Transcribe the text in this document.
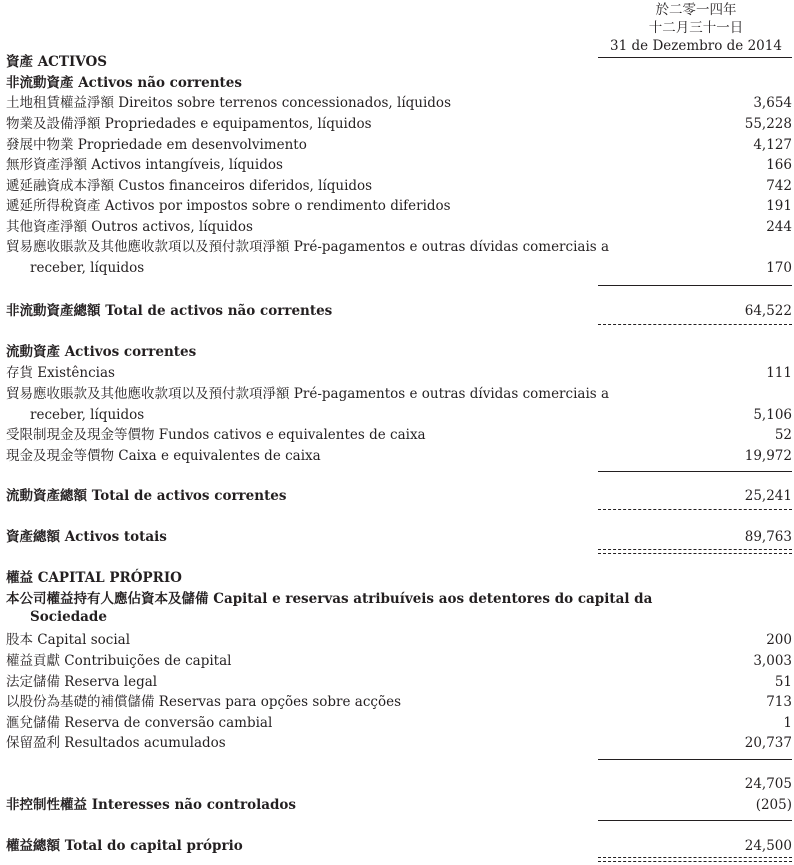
於二零一四年
十二月三十一日
31 de Dezembro de 2014
資產 ACTIVOS
非流動資產 Activos não correntes
土地租賃權益淨額 Direitos sobre terrenos concessionados, líquidos	3,654
物業及設備淨額 Propriedades e equipamentos, líquidos	55,228
發展中物業 Propriedade em desenvolvimento	4,127
無形資產淨額 Activos intangíveis, líquidos	166
遞延融資成本淨額 Custos financeiros diferidos, líquidos	742
遞延所得稅資產 Activos por impostos sobre o rendimento diferidos	191
其他資產淨額 Outros activos, líquidos	244
貿易應收賬款及其他應收款項以及預付款項淨額 Pré-pagamentos e outras dívidas comerciais a
receber, líquidos	170
非流動資產總額 Total de activos não correntes	64,522
流動資產 Activos correntes
存貨 Existências	111
貿易應收賬款及其他應收款項以及預付款項淨額 Pré-pagamentos e outras dívidas comerciais a
receber, líquidos	5,106
受限制現金及現金等價物 Fundos cativos e equivalentes de caixa	52
現金及現金等價物 Caixa e equivalentes de caixa	19,972
流動資產總額 Total de activos correntes	25,241
資產總額 Activos totais	89,763
權益 CAPITAL PRÓPRIO
本公司權益持有人應佔資本及儲備 Capital e reservas atribuíveis aos detentores do capital da
Sociedade
股本 Capital social	200
權益貢獻 Contribuições de capital	3,003
法定儲備 Reserva legal	51
以股份為基礎的補償儲備 Reservas para opções sobre acções	713
滙兌儲備 Reserva de conversão cambial	1
保留盈利 Resultados acumulados	20,737
24,705
非控制性權益 Interesses não controlados	(205)
權益總額 Total do capital próprio	24,500
